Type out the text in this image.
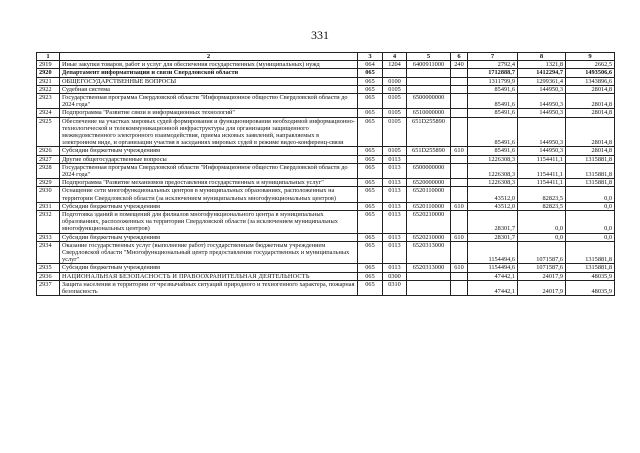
331
1	2	3	4	5	6	7	8	9
2919	Иные закупки товаров, работ и услуг для обеспечения государственных (муниципальных) нужд	064	1204	6400911000	240	2792,4	1321,8	2662,5
2920	Департамент информатизации и связи Свердловской области	065				1712888,7	1412294,7	1493506,6
2921	ОБЩЕГОСУДАРСТВЕННЫЕ ВОПРОСЫ	065	0100			1311799,9	1299361,4	1343896,6
2922	Судебная система	065	0105			85491,6	144950,3	28014,8
2923	Государственная программа Свердловской области "Информационное общество Свердловской области до 2024 года"	065	0105	6500000000		85491,6	144950,3	28014,8
2924	Подпрограмма "Развитие связи и информационных технологий"	065	0105	6510000000		85491,6	144950,3	28014,8
2925	Обеспечение на участках мировых судей формирования и функционирования необходимой информационно-технологической и телекоммуникационной инфраструктуры для организации защищенного межведомственного электронного взаимодействия, приема исковых заявлений, направляемых в электронном виде, и организации участия в заседаниях мировых судей в режиме видео-конференц-связи	065	0105	651D255890		85491,6	144950,3	28014,8
2926	Субсидии бюджетным учреждениям	065	0105	651D255890	610	85491,6	144950,3	28014,8
2927	Другие общегосударственные вопросы	065	0113			1226308,3	1154411,1	1315881,8
2928	Государственная программа Свердловской области "Информационное общество Свердловской области до 2024 года"	065	0113	6500000000		1226308,3	1154411,1	1315881,8
2929	Подпрограмма "Развитие механизмов предоставления государственных и муниципальных услуг"	065	0113	6520000000		1226308,3	1154411,1	1315881,8
2930	Оснащение сети многофункциональных центров в муниципальных образованиях, расположенных на территории Свердловской области (за исключением муниципальных многофункциональных центров)	065	0113	6520110000		43512,0	82823,5	0,0
2931	Субсидии бюджетным учреждениям	065	0113	6520110000	610	43512,0	82823,5	0,0
2932	Подготовка зданий и помещений для филиалов многофункционального центра в муниципальных образованиях, расположенных на территории Свердловской области (за исключением муниципальных многофункциональных центров)	065	0113	6520210000		28301,7	0,0	0,0
2933	Субсидии бюджетным учреждениям	065	0113	6520210000	610	28301,7	0,0	0,0
2934	Оказание государственных услуг (выполнение работ) государственным бюджетным учреждением Свердловской области "Многофункциональный центр предоставления государственных и муниципальных услуг"	065	0113	6520313000		1154494,6	1071587,6	1315881,8
2935	Субсидии бюджетным учреждениям	065	0113	6520313000	610	1154494,6	1071587,6	1315881,8
2936	НАЦИОНАЛЬНАЯ БЕЗОПАСНОСТЬ И ПРАВООХРАНИТЕЛЬНАЯ ДЕЯТЕЛЬНОСТЬ	065	0300			47442,1	24017,9	48035,9
2937	Защита населения и территории от чрезвычайных ситуаций природного и техногенного характера, пожарная безопасность	065	0310			47442,1	24017,9	48035,9
